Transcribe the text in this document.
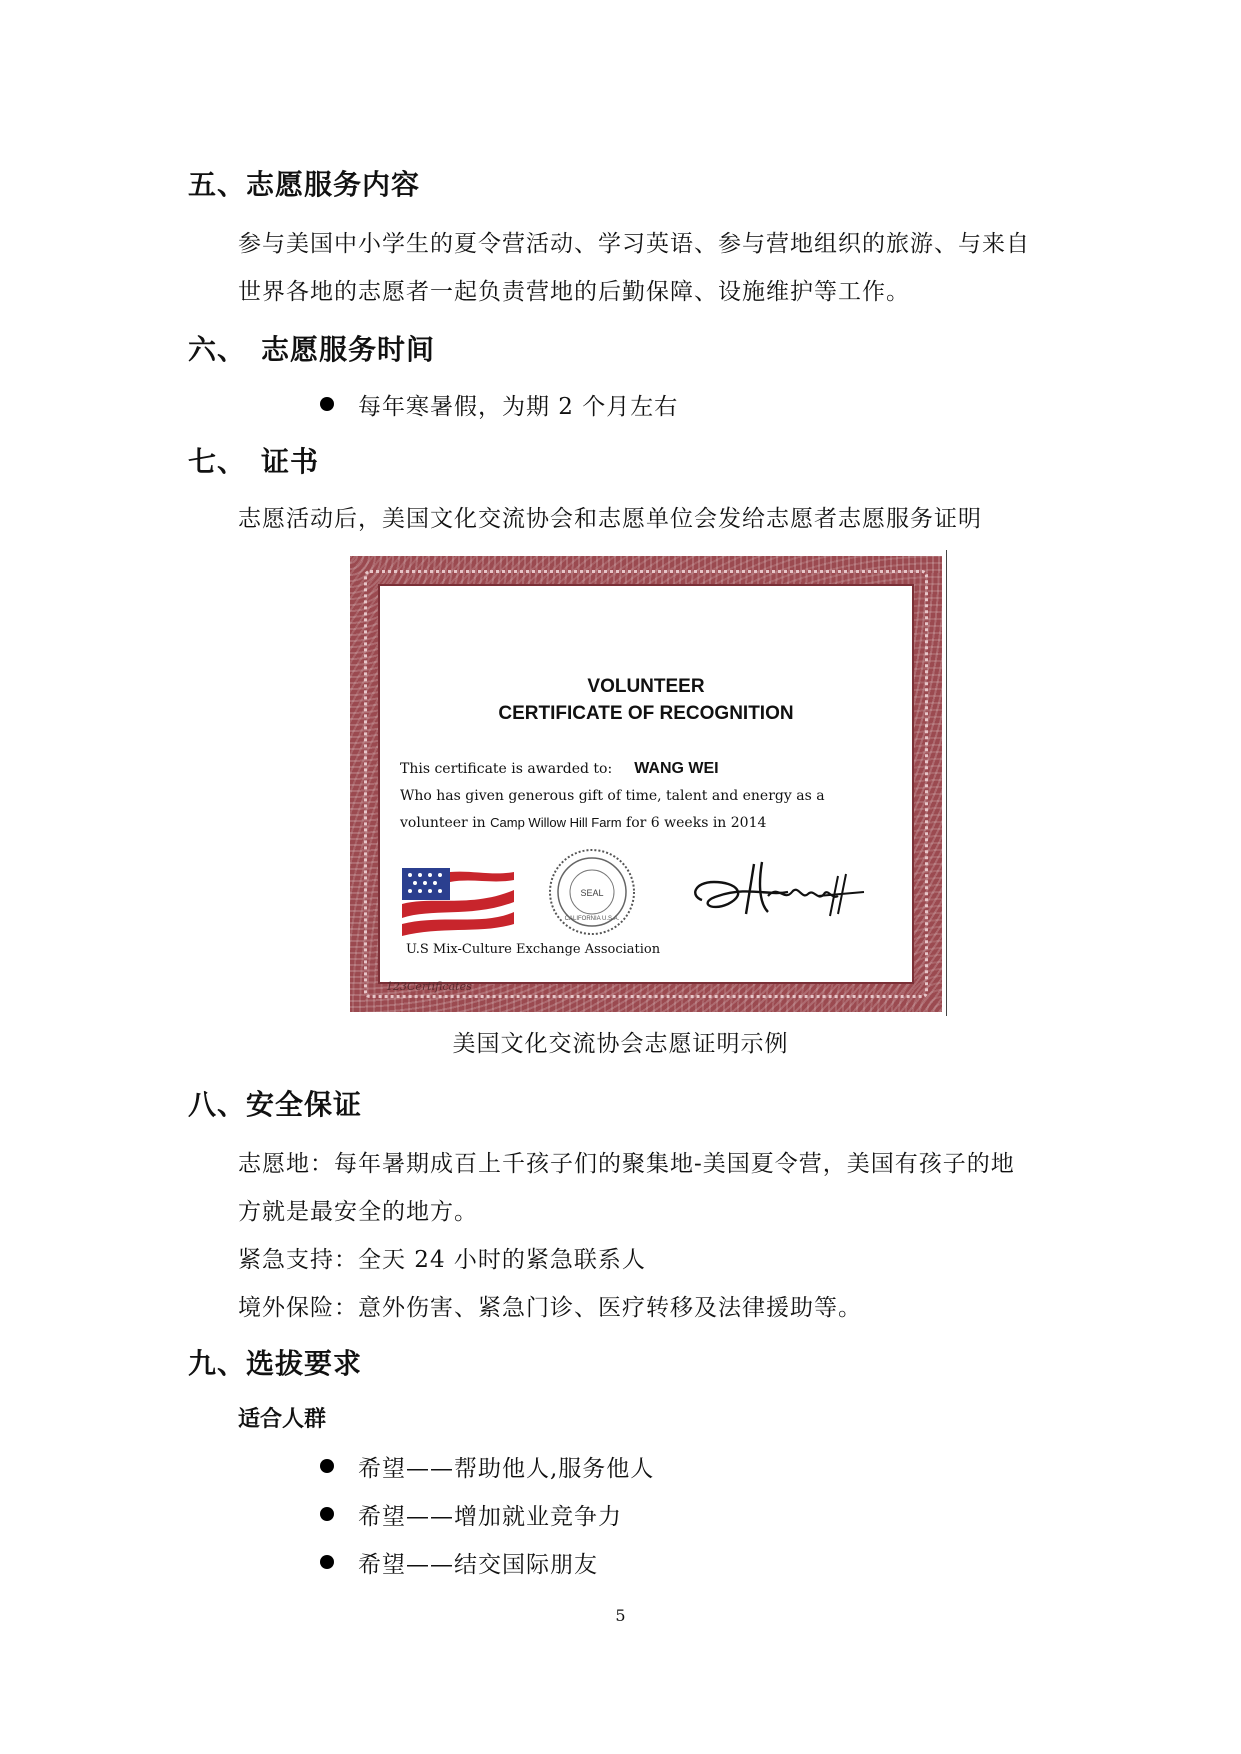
五、志愿服务内容
参与美国中小学生的夏令营活动、学习英语、参与营地组织的旅游、与来自
世界各地的志愿者一起负责营地的后勤保障、设施维护等工作。
六、　志愿服务时间
每年寒暑假，为期 2 个月左右
七、　证书
志愿活动后，美国文化交流协会和志愿单位会发给志愿者志愿服务证明
VOLUNTEER
CERTIFICATE OF RECOGNITION
This certificate is awarded to: WANG WEI
Who has given generous gift of time, talent and energy as a
volunteer in Camp Willow Hill Farm for 6 weeks in 2014
SEAL
CALIFORNIA U.S.A.
U.S Mix-Culture Exchange Association
123Certificates
美国文化交流协会志愿证明示例
八、安全保证
志愿地：每年暑期成百上千孩子们的聚集地-美国夏令营，美国有孩子的地
方就是最安全的地方。
紧急支持：全天 24 小时的紧急联系人
境外保险：意外伤害、紧急门诊、医疗转移及法律援助等。
九、选拔要求
适合人群
希望——帮助他人,服务他人
希望——增加就业竞争力
希望——结交国际朋友
5
